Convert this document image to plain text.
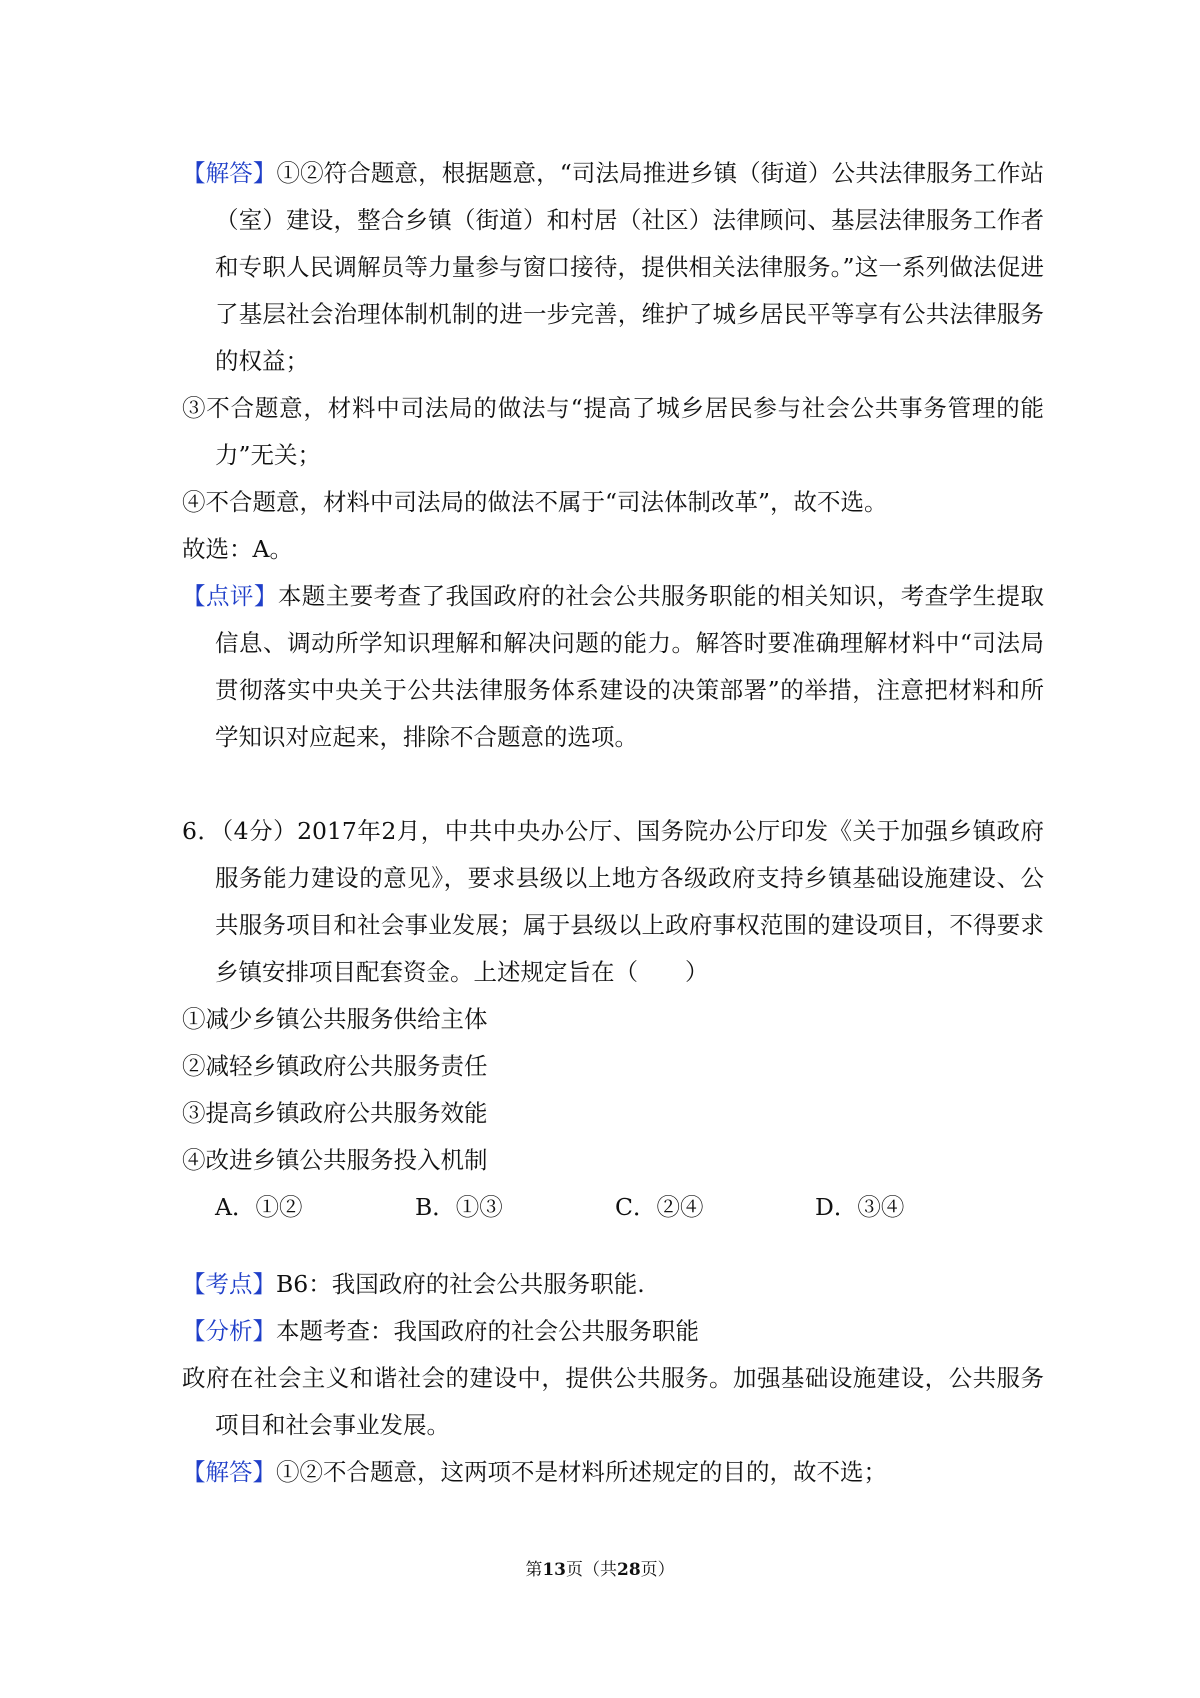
【解答】①②符合题意，根据题意，“司法局推进乡镇（街道）公共法律服务工作站（室）建设，整合乡镇（街道）和村居（社区）法律顾问、基层法律服务工作者和专职人民调解员等力量参与窗口接待，提供相关法律服务。”这一系列做法促进了基层社会治理体制机制的进一步完善，维护了城乡居民平等享有公共法律服务的权益；

③不合题意，材料中司法局的做法与“提高了城乡居民参与社会公共事务管理的能力”无关；

④不合题意，材料中司法局的做法不属于“司法体制改革”，故不选。

故选：A。

【点评】本题主要考查了我国政府的社会公共服务职能的相关知识，考查学生提取信息、调动所学知识理解和解决问题的能力。解答时要准确理解材料中“司法局贯彻落实中央关于公共法律服务体系建设的决策部署”的举措，注意把材料和所学知识对应起来，排除不合题意的选项。

6．（4分）2017年2月，中共中央办公厅、国务院办公厅印发《关于加强乡镇政府服务能力建设的意见》，要求县级以上地方各级政府支持乡镇基础设施建设、公共服务项目和社会事业发展；属于县级以上政府事权范围的建设项目，不得要求乡镇安排项目配套资金。上述规定旨在（　　）

①减少乡镇公共服务供给主体

②减轻乡镇政府公共服务责任

③提高乡镇政府公共服务效能

④改进乡镇公共服务投入机制

A．①②	B．①③	C．②④	D．③④

【考点】B6：我国政府的社会公共服务职能.

【分析】本题考查：我国政府的社会公共服务职能

政府在社会主义和谐社会的建设中，提供公共服务。加强基础设施建设，公共服务项目和社会事业发展。

【解答】①②不合题意，这两项不是材料所述规定的目的，故不选；

第13页（共28页）
